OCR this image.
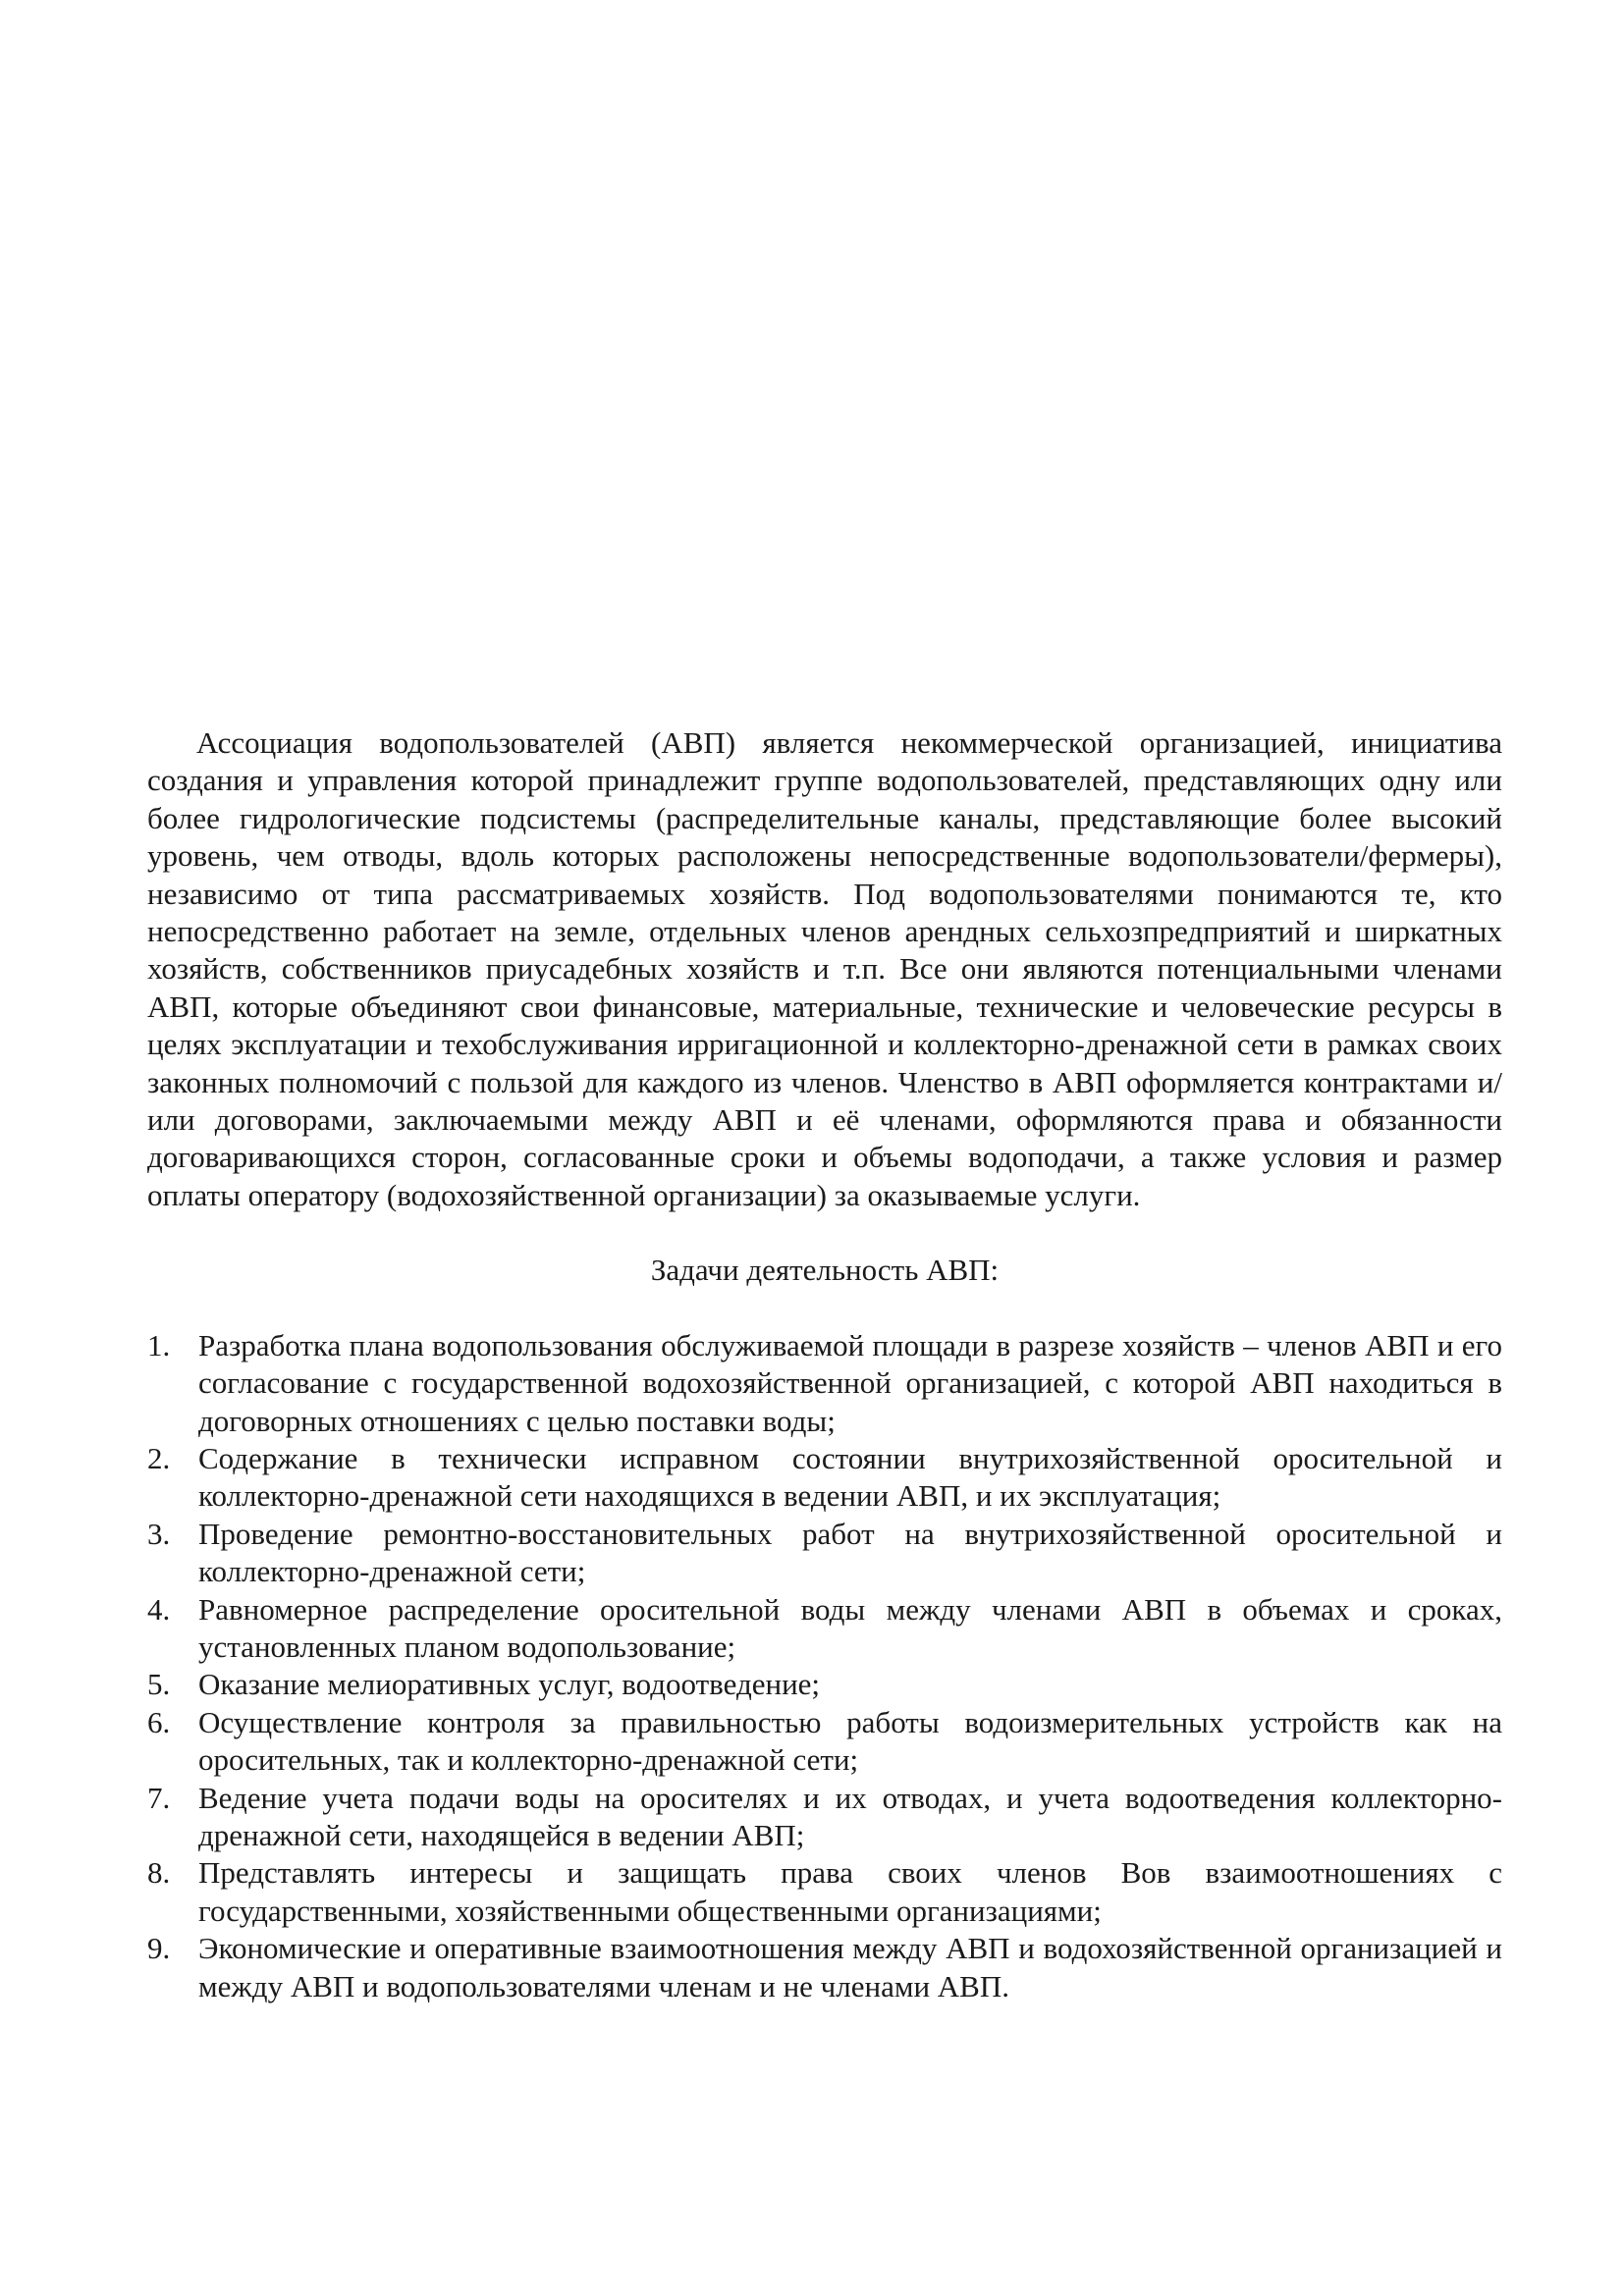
Ассоциация водопользователей (АВП) является некоммерческой организацией, инициатива создания и управления которой принадлежит группе водопользователей, представляющих одну или более гидрологические подсистемы (распределительные каналы, представляющие более высокий уровень, чем отводы, вдоль которых расположены непосредственные водопользователи/фермеры), независимо от типа рассматриваемых хозяйств. Под водопользователями понимаются те, кто непосредственно работает на земле, отдельных членов арендных сельхозпредприятий и ширкатных хозяйств, собственников приусадебных хозяйств и т.п. Все они являются потенциальными членами АВП, которые объединяют свои финансовые, материальные, технические и человеческие ресурсы в целях эксплуатации и техобслуживания ирригационной и коллекторно-дренажной сети в рамках своих законных полномочий с пользой для каждого из членов. Членство в АВП оформляется контрактами и/или договорами, заключаемыми между АВП и её членами, оформляются права и обязанности договаривающихся сторон, согласованные сроки и объемы водоподачи, а также условия и размер оплаты оператору (водохозяйственной организации) за оказываемые услуги.

Задачи деятельность АВП:
1. Разработка плана водопользования обслуживаемой площади в разрезе хозяйств – членов АВП и его согласование с государственной водохозяйственной организацией, с которой АВП находиться в договорных отношениях с целью поставки воды;
2. Содержание в технически исправном состоянии внутрихозяйственной оросительной и коллекторно-дренажной сети находящихся в ведении АВП, и их эксплуатация;
3. Проведение ремонтно-восстановительных работ на внутрихозяйственной оросительной и коллекторно-дренажной сети;
4. Равномерное распределение оросительной воды между членами АВП в объемах и сроках, установленных планом водопользование;
5. Оказание мелиоративных услуг, водоотведение;
6. Осуществление контроля за правильностью работы водоизмерительных устройств как на оросительных, так и коллекторно-дренажной сети;
7. Ведение учета подачи воды на оросителях и их отводах, и учета водоотведения коллекторно-дренажной сети, находящейся в ведении АВП;
8. Представлять интересы и защищать права своих членов Вов взаимоотношениях с государственными, хозяйственными общественными организациями;
9. Экономические и оперативные взаимоотношения между АВП и водохозяйственной организацией и между АВП и водопользователями членам и не членами АВП.
